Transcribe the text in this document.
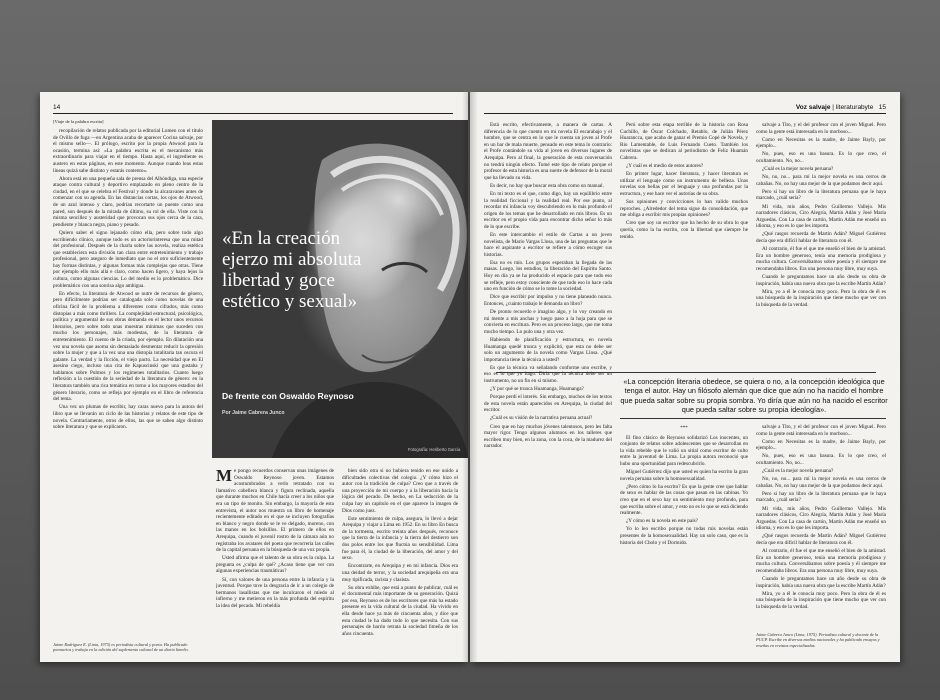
14
[Viaje de la palabra escrita]

recopilación de relatos publicada por la editorial Lumen con el título de Ovillo de fuga —en Argentina acaba de aparecer Cocina salvaje, por el mismo sello—. El prólogo, escrito por la propia Atwood para la ocasión, termina así: «La palabra escrita es el mecanismo más extraordinario para viajar en el tiempo. Hasta aquí, el ingrediente es austero en estas páginas, en este momento. Aunque cuando leas estas líneas quizá sabe distinto y estarás contento».

Ahora está en una pequeña sala de prensa del Alhóndiga, una especie ataque contra cultural y deportivo emplazado en pleno centro de la ciudad, en el que se celebra el Festival y donde la alcaravanes antes de comenzar con su agenda. En las distancias cortas, los ojos de Atwood, de un azul intenso y claro, podrían recortarte un puente como una pared, son después de la mirada de último, su rol de ella. Viste con la misma sencillez y austeridad que provocan sus ojos cerca de la cara, pendiente y blanca negra, piano y pesado.

Quiero saber el signo lejanado cómo ella, pero sobre todo algo escribiendo clínico, aunque todo es un actoriorinteresa que una mitad del profesional. Después de la charla sobre las novela, realiza estética que estableciera esta división tan clara entre entretenimiento y trabajo profesional, pero aseguro de inmediato que no el otro suficientemente hay formas distintas, y algunas formas más complejas que otras. Tiene por ejemplo ello más allá e claro, como hacen ligero, y haya lejos la cultura, como algunas ciencias. Lo del medio es lo problemático. Dice problemático con una sonrisa algo ambigua.

En efecto, la literatura de Atwood se nutre de recursos de género, pero difícilmente podrían ser catalogada solo como novelas de una oficina fácil de la problema a diferentes como cifrados, más como distopías a más como thrillers. La complejidad estructural, psicológica, política y argumental de sus obras demanda en el lector unos recursos literarios, pero sobre todo unas muestras mínimas que suceden con mucho los personajes, más modestas, de la literatura de entretenimiento. El cuento de la criada, por ejemplo. En dilatación una vez una novela que asoma sin demasiado desmentar reducir la opresión sobre la mujer y que a la vez una una distopía totalitaria tan oscura el galante. La verdad y la ficción, el viejo pacto. La necesidad que en El asesino ciego, incluso una cita de Kapuscinski que una gustaba y hablamos sobre Pulmos y los regímenes totalitarios. Cuanto luego reflexión a la cuestión de la seriedad de la literatura de género: en la literatura también una rica temática en torno a los mayores estadios del género literario, como se refleja por ejemplo en el libro de referencia del tema.

Una vez un plumas de escribir, hay caras nuevo para la autora del libro que se llevarán un ciclo de las historias y relatos de este tipo de novela. Contrariamente, otros de ellos, las que se saben algo distinto sobre literatura y que se explicaron.

«En la creación ejerzo mi absoluta libertad y goce estético y sexual»
De frente con Oswaldo Reynoso
Por Jaime Cabrera Junco
Fotografía: Heriberto García

Me pongo recuerdos conservan unas imágenes de Oswaldo Reynoso joven. Estamos acostumbrados a verlo retratado con su llamativo cabellera blanca y figura reclinada, aquella que durante muchos en Chile hacía creer a los niños que era un tipo de monito. Sin embargo, la mayoría de esta entrevista, el autor nos muestra un libro de homenaje recientemente editado en el que se incluyen fotografías en blanco y negro donde se le ve delgado, moreno, con las manos en los bolsillos. El primero de ellos en Arequipa, cuando el juvenil rostro de la cámara aún no registraba los avatares del poeta que recorrería las calles de la capital peruana en la búsqueda de una voz propia.

Usted afirma que el talento de su obra es la culpa. La pregunta es ¿culpa de qué? ¿Acaso tiene que ver con algunas experiencias traumáticas?

Sí, con valores de una persona entre la infancia y la juventud. Porque tuve la desgracia de ir a un colegio de hermanos lasallistas que me inculcaron el miedo al infierno y me metieron en la más profunda del espíritu la idea del pecado. Mi rebeldía

bien sido otra si no hubiera tenido en ese unido a dificultades colectivas del colegio. ¿Y cómo hizo el autor con la tradición de culpa? Creo que a través de una proyección de mi cuerpo y a la liberación hacia la lógica del pecado. De hecho, en La seducción de la culpa hay un capítulo en el que aparece la imagen de Dios como juez.

Este sentimiento de culpa, asegura, lo llevó a dejar Arequipa y viajar a Lima en 1952. En su libro En busca de la tormenta, escrito treinta años después, reconoce que la tierra de la infancia y la tierra del destierro son dos polos entre los que fluctúa su sensibilidad. Lima fue para él, la ciudad de la liberación, del amor y del sexo.

Encontrarte, en Arequipa y en mi infancia. Dios era una deidad de terror, y la sociedad arequipeña era una muy tipificada, racista y clasista.

Su obra exhibe, que está a punto de publicar, cuál es el documental más importante de su generación. Quizá por eso, Reynoso es de los escritores que más ha estado presente en la vida cultural de la ciudad. Ha vivido en ella desde hace ya más de cincuenta años, y dice que esta ciudad le ha dado todo lo que necesita. Con sus personajes de barrio retrata la sociedad limeña de los años cincuenta.

Jaime Rodríguez E. (Lima, 1975) es periodista cultural y poeta. Ha publicado poemarios y trabaja en la edición del suplemento cultural de un diario limeño.
Voz salvaje | literaturabyte 15

Está escrito, efectivamente, a manera de cartas. A diferencia de lo que cuento en mi novela El escarabajo y el hombre, que se centra en lo que le cuenta un joven al Profe en un bar de mala muerte, pensado en este tema lo contrario: el Profe contándole su vida al joven en diversos lugares de Arequipa. Pero al final, la generación de esta conversación no tendrá ningún efecto. Tomé este tipo de relato porque el profesor de esta historia es una suerte de defensor de la moral que ha llevado su vida.

Es decir, no hay que buscar esta obra como un manual.

En mi texto es el que, como digo, hay un equilibrio entre la realidad ficcional y la realidad real. Por ese punto, al recordar mi infancia voy descubriendo en lo más profundo el origen de los temas que he desarrollado en mis libros. Es un escritor en el propio vida para encontrar dicho señor lo más de lo que escribe.

En este intercambio el estilo de Cartas a un joven novelista, de Mario Vargas Llosa, una de las preguntas que le hace el aspirante a escritor se refiere a cómo escoger sus historias.

Esa no es mío. Los grupos esperaban la llegada de las masas. Luego, los estudios, la liberación del Espíritu Santo. Hoy en día ya se ha producido el espacio para que todo eso se refleje, pero estoy consciente de que todo eso lo hace cada uno en función de cómo se lo tome la sociedad.

Dice que escribir por impulso y no tiene planeado nunca. Entonces, ¿cuánto trabajo le demanda un libro?

De pronto recuerdo e imagino algo, y lo voy creando en mi mente a mis anchas y luego paso a la hoja para que se convierta en escritura. Pero es un proceso largo, que me toma mucho tiempo. Lo pulo una y otra vez.

Habiendo de planificación y estructura, en novela Huamanga quedé trunca y explicitó, que esta no debe ser solo un argumento de la novela como Vargas Llosa. ¿Qué importancia tiene la técnica a usted?

Es que la técnica va señalando conforme uno escribe, y eso es lo que yo hago. Diría que la técnica debe ser un instrumento, no un fin en sí mismo.

¿Y por qué se trunca Huamanga, Huamanga?

Porque perdí el interés. Sin embargo, muchos de los textos de esta novela están aparecidos en Arequipa, la ciudad del escritor.

¿Cuál es su visión de la narrativa peruana actual?

Creo que en hay muchos jóvenes talentosos, pero les falta mayor rigor. Tengo algunos alumnos en los talleres que escriben muy bien, en la zona, con la coca, de la madurez del narrador.

Perú sobre esta etapa terrible de la historia con Rosa Cuchillo, de Óscar Colchado, Retablo, de Julián Pérez Huarancca, que acaba de ganar el Premio Copé de Novela, y Rio Lamentable, de Luis Fernando Cueto. También los novelistas que se dedican al periodismo de Feliz Huamán Cabrera.

¿Y cuál es el medio de estos autores?

En primer lugar, hacer literatura, y hacer literatura es utilizar el lenguaje como un instrumento de belleza. Unas novelas son bellas por el lenguaje y una profundas por la estructura, y ese hace ver el autorías de su obra.

Sus opiniones y convicciones lo han valido muchos reproches. ¿Alrededor del tema sigue da consolidación, que me obliga a escribir mis propias opiniones?

Creo que soy un escritor que ha hecho de su obra lo que quería, como la ha escrito, con la libertad que siempre he tenido.

salvaje a Tito, y el del profesor con el joven Miguel. Pero como la gente está interesada en lo morboso...

Como en Necesitas es la madre, de Jaime Bayly, por ejemplo...

No, pues, eso es una basura. Es lo que creo, el ocultamiento. No, no...

¿Cuál es la mejor novela peruana?

No, no, no... para mí la mejor novela es una cerros de cabañas. No, no hay una mejor de la que podamos decir aquí.

Pero si hay un libro de la literatura peruana que le haya marcado, ¿cuál sería?

Mi vida, mis años, Pedro Guillermo Vallejo. Mis narradores clásicos, Ciro Alegría, Martín Adán y José María Arguedas. Con La casa de cartón, Martín Adán me enseñó un idioma, y eso es lo que les importa.

¿Qué rasgos recuerda de Martín Adán? Miguel Gutiérrez decía que era difícil hablar de literatura con él.

Al contrario, él fue el que me enseñó el bien de la amistad. Era un hombre generoso, tenía una memoria prodigiosa y mucha cultura. Conversábamos sobre poesía y él siempre me recomendaba libros. Era una persona muy libre, muy suya.

Cuando le preguntamos hace un año desde su obra de inspiración, había una nueva obra que la escribe Martín Adán?

Mira, yo a él le conocía muy poco. Pero la obra de él es una búsqueda de la inspiración que tiene mucho que ver con la búsqueda de la verdad.

«La concepción literaria obedece, se quiera o no, a la concepción ideológica que tenga el autor. Hay un filósofo alemán que dice que aún no ha nacido el hombre que pueda saltar sobre su propia sombra. Yo diría que aún no ha nacido el escritor que pueda saltar sobre su propia ideología».
***

El fino clásico de Reynoso solidarizó Los inocentes, un conjunto de relatos sobre adolescentes que se desarrollan en la vida rebelde que le valió un sitial como escritor de culto entre la juventud de Lima. La propia autora reconoció que hubo una oportunidad para redescubrirlo.

Miguel Gutiérrez dijo que usted es quien ha escrito la gran novela peruana sobre la homosexualidad.

¿Pero cómo lo ha escrito? Es que la gente cree que hablar de sexo es hablar de las cosas que pasan en las cabinas. Yo creo que en el sexo hay un sentimiento muy profundo, para que escriba sobre el amor, y esto no es lo que se está diciendo realmente.

¿Y cómo es la novela en este país?

Yo lo leo escribo porque no todas mis novelas están presentes de la homosexualidad. Hay un solo caso, que es la historia del Cholo y el Dormido.

salvaje a Tito, y el del profesor con el joven Miguel. Pero como la gente está interesada en lo morboso...

Como en Necesitas es la madre, de Jaime Bayly, por ejemplo...

No, pues, eso es una basura. Es lo que creo, el ocultamiento. No, no...

¿Cuál es la mejor novela peruana?

No, no, no... para mí la mejor novela es una cerros de cabañas. No, no hay una mejor de la que podamos decir aquí.

Pero si hay un libro de la literatura peruana que le haya marcado, ¿cuál sería?

Mi vida, mis años, Pedro Guillermo Vallejo. Mis narradores clásicos, Ciro Alegría, Martín Adán y José María Arguedas. Con La casa de cartón, Martín Adán me enseñó un idioma, y eso es lo que les importa.

¿Qué rasgos recuerda de Martín Adán? Miguel Gutiérrez decía que era difícil hablar de literatura con él.

Al contrario, él fue el que me enseñó el bien de la amistad. Era un hombre generoso, tenía una memoria prodigiosa y mucha cultura. Conversábamos sobre poesía y él siempre me recomendaba libros. Era una persona muy libre, muy suya.

Cuando le preguntamos hace un año desde su obra de inspiración, había una nueva obra que la escribe Martín Adán?

Mira, yo a él le conocía muy poco. Pero la obra de él es una búsqueda de la inspiración que tiene mucho que ver con la búsqueda de la verdad.

Jaime Cabrera Junco (Lima, 1975). Periodista cultural y docente de la PUCP. Escribe en diversos medios nacionales y ha publicado ensayos y reseñas en revistas especializadas.
